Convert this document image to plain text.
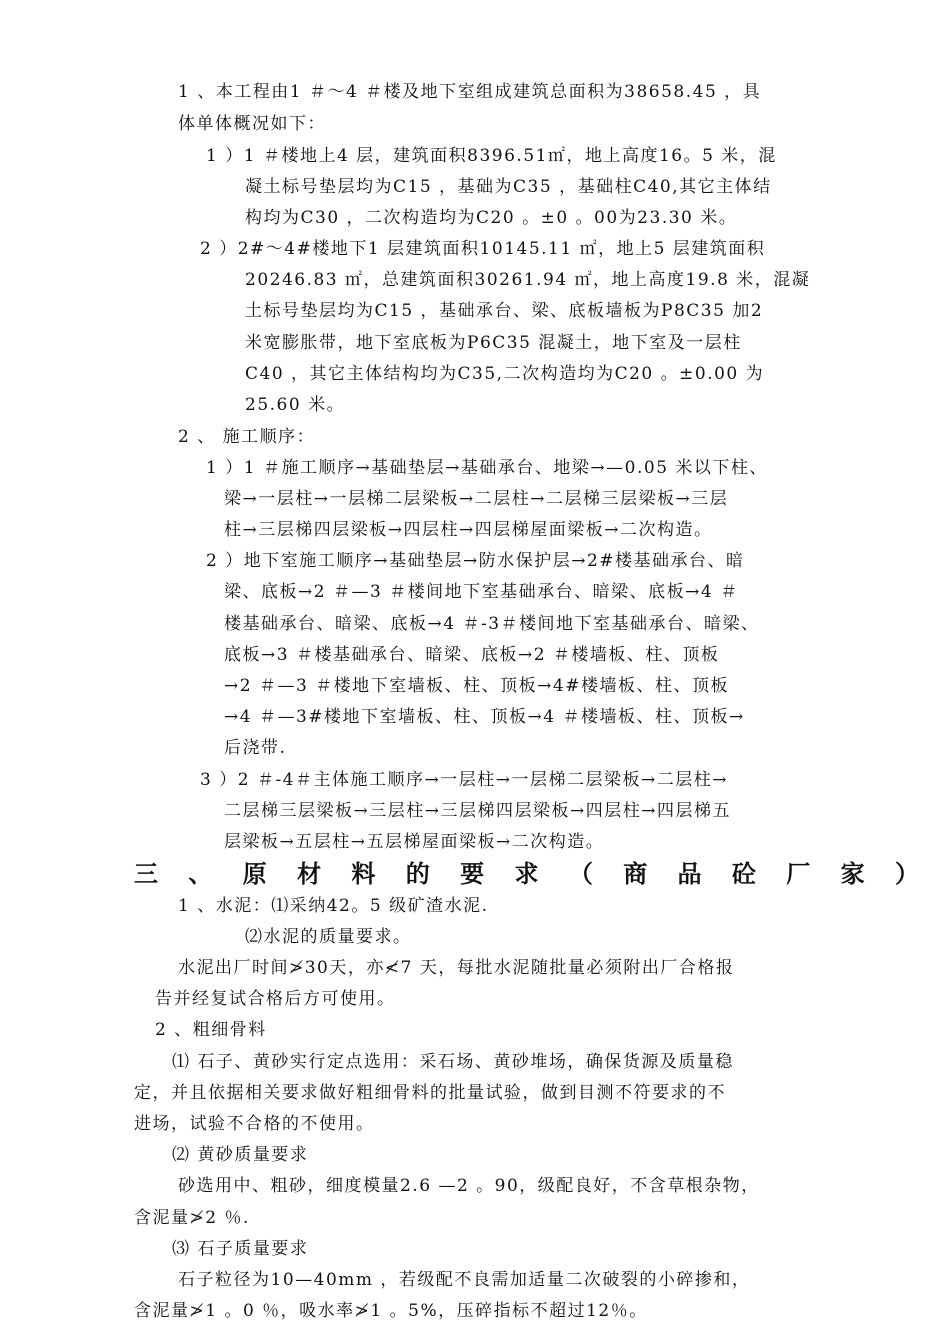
1 、本工程由1 ＃～4 ＃楼及地下室组成建筑总面积为38658.45 ，具
体单体概况如下：
1 ）1 ＃楼地上4 层，建筑面积8396.51㎡，地上高度16。5 米，混
凝土标号垫层均为C15 ，基础为C35 ，基础柱C40,其它主体结
构均为C30 ，二次构造均为C20 。±0 。00为23.30 米。
2 ）2#～4#楼地下1 层建筑面积10145.11 ㎡，地上5 层建筑面积
20246.83 ㎡，总建筑面积30261.94 ㎡，地上高度19.8 米，混凝
土标号垫层均为C15 ，基础承台、梁、底板墙板为P8C35 加2
米宽膨胀带，地下室底板为P6C35 混凝土，地下室及一层柱
C40 ，其它主体结构均为C35,二次构造均为C20 。±0.00 为
25.60 米。
2 、 施工顺序：
1 ）1 ＃施工顺序→基础垫层→基础承台、地梁→—0.05 米以下柱、
梁→一层柱→一层梯二层梁板→二层柱→二层梯三层梁板→三层
柱→三层梯四层梁板→四层柱→四层梯屋面梁板→二次构造。
2 ）地下室施工顺序→基础垫层→防水保护层→2#楼基础承台、暗
梁、底板→2 ＃—3 ＃楼间地下室基础承台、暗梁、底板→4 ＃
楼基础承台、暗梁、底板→4 ＃-3＃楼间地下室基础承台、暗梁、
底板→3 ＃楼基础承台、暗梁、底板→2 ＃楼墙板、柱、顶板
→2 ＃—3 ＃楼地下室墙板、柱、顶板→4#楼墙板、柱、顶板
→4 ＃—3#楼地下室墙板、柱、顶板→4 ＃楼墙板、柱、顶板→
后浇带.
3 ）2 ＃-4＃主体施工顺序→一层柱→一层梯二层梁板→二层柱→
二层梯三层梁板→三层柱→三层梯四层梁板→四层柱→四层梯五
层梁板→五层柱→五层梯屋面梁板→二次构造。
三 、 原 材 料 的 要 求 （ 商 品 砼 厂 家 ）
1 、水泥：⑴采纳42。5 级矿渣水泥.
⑵水泥的质量要求。
水泥出厂时间≯30天，亦≮7 天，每批水泥随批量必须附出厂合格报
告并经复试合格后方可使用。
2 、粗细骨料
⑴ 石子、黄砂实行定点选用：采石场、黄砂堆场，确保货源及质量稳
定，并且依据相关要求做好粗细骨料的批量试验，做到目测不符要求的不
进场，试验不合格的不使用。
⑵ 黄砂质量要求
砂选用中、粗砂，细度模量2.6 —2 。90，级配良好，不含草根杂物，
含泥量≯2 ％.
⑶ 石子质量要求
石子粒径为10—40mm ，若级配不良需加适量二次破裂的小碎掺和，
含泥量≯1 。0 ％，吸水率≯1 。5%，压碎指标不超过12％。
